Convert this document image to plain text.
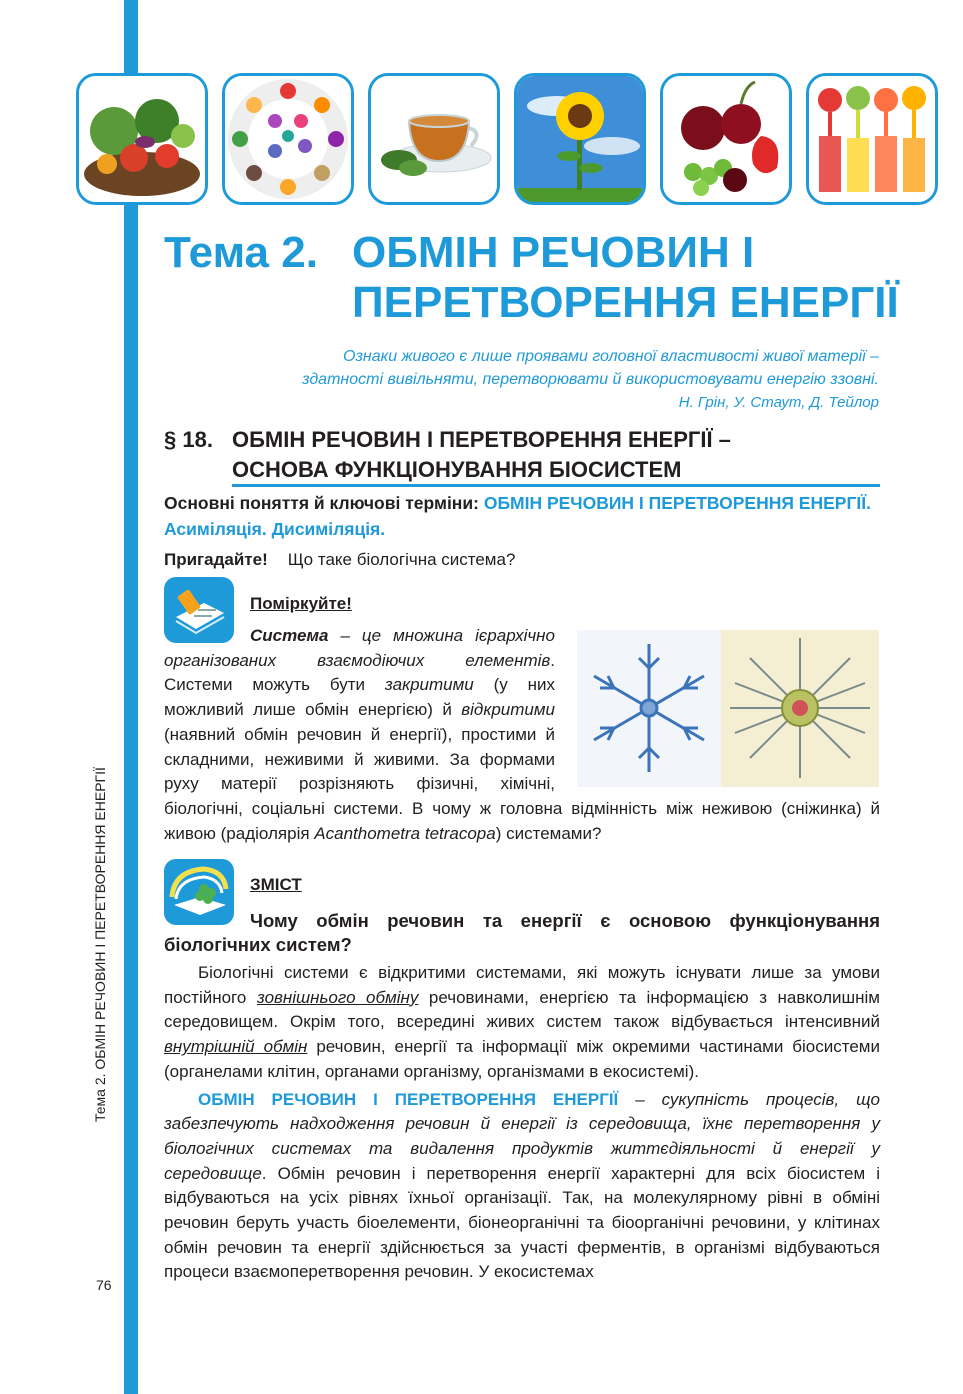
Тема 2. ОБМІН РЕЧОВИН І ПЕРЕТВОРЕННЯ ЕНЕРГІЇ
76
Тема 2. ОБМІН РЕЧОВИН І
ПЕРЕТВОРЕННЯ ЕНЕРГІЇ
Ознаки живого є лише проявами головної властивості живої матерії –
здатності вивільняти, перетворювати й використовувати енергію ззовні.
Н. Грін, У. Стаут, Д. Тейлор
§ 18. ОБМІН РЕЧОВИН І ПЕРЕТВОРЕННЯ ЕНЕРГІЇ –
ОСНОВА ФУНКЦІОНУВАННЯ БІОСИСТЕМ
Основні поняття й ключові терміни: ОБМІН РЕЧОВИН І ПЕРЕТВОРЕННЯ ЕНЕРГІЇ. Асиміляція. Дисиміляція.
Пригадайте! Що таке біологічна система?
Поміркуйте!

Система – це множина ієрархічно організованих взаємодіючих елементів. Системи можуть бути закритими (у них можливий лише обмін енергією) й відкритими (наявний обмін речовин й енергії), простими й складними, неживими й живими. За формами руху матерії розрізняють фізичні, хімічні, біологічні, соціальні системи. В чому ж головна відмінність між неживою (сніжинка) й живою (радіолярія Acanthometra tetracopa) системами?

ЗМІСТ

Чому обмін речовин та енергії є основою функціонування біологічних систем?

Біологічні системи є відкритими системами, які можуть існувати лише за умови постійного зовнішнього обміну речовинами, енергією та інформацією з навколишнім середовищем. Окрім того, всередині живих систем також відбувається інтенсивний внутрішній обмін речовин, енергії та інформації між окремими частинами біосистеми (органелами клітин, органами організму, організмами в екосистемі).

ОБМІН РЕЧОВИН І ПЕРЕТВОРЕННЯ ЕНЕРГІЇ – сукупність процесів, що забезпечують надходження речовин й енергії із середовища, їхнє перетворення у біологічних системах та видалення продуктів життєдіяльності й енергії у середовище. Обмін речовин і перетворення енергії характерні для всіх біосистем і відбуваються на усіх рівнях їхньої організації. Так, на молекулярному рівні в обміні речовин беруть участь біоелементи, біонеорганічні та біоорганічні речовини, у клітинах обмін речовин та енергії здійснюється за участі ферментів, в організмі відбуваються процеси взаємоперетворення речовин. У екосистемах
